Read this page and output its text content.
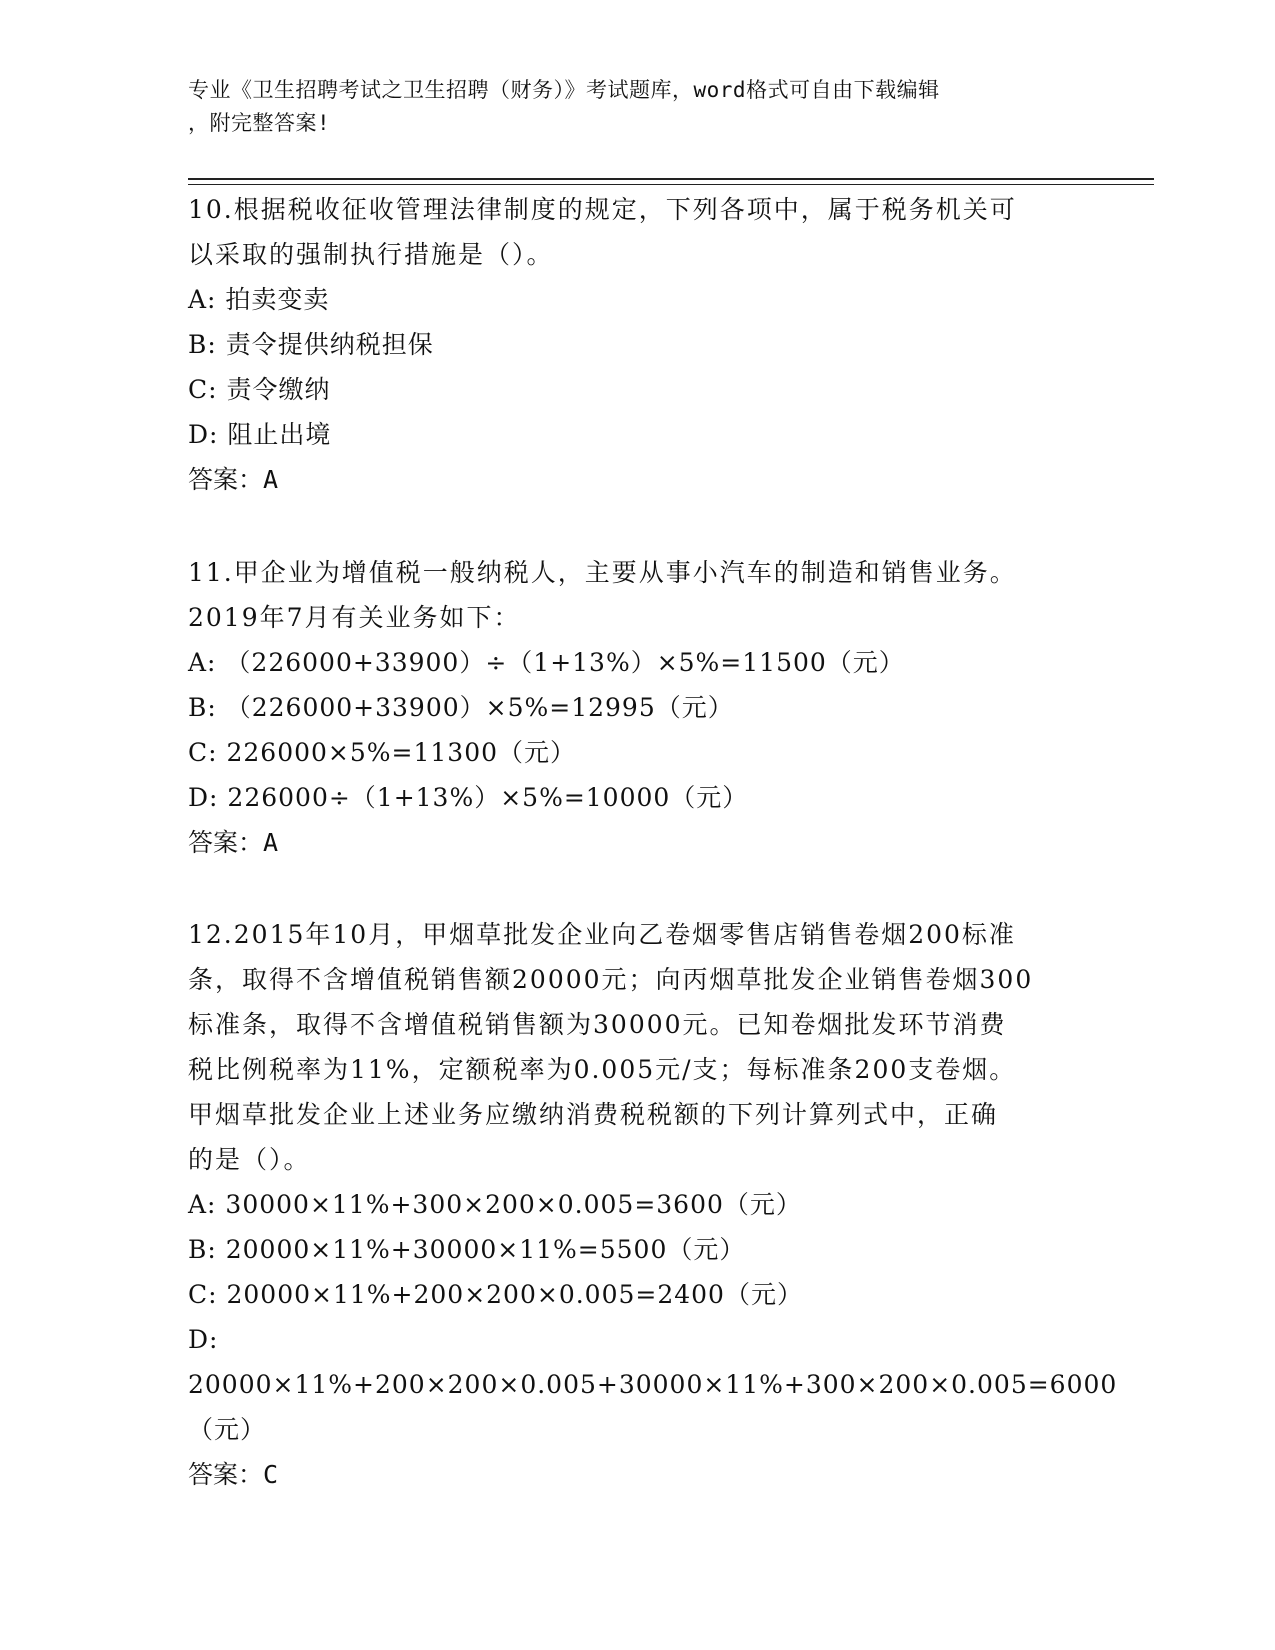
专业《卫生招聘考试之卫生招聘（财务）》考试题库，word格式可自由下载编辑
，附完整答案!

10.根据税收征收管理法律制度的规定，下列各项中，属于税务机关可

以采取的强制执行措施是（）。

A: 拍卖变卖

B: 责令提供纳税担保

C: 责令缴纳

D: 阻止出境

答案：A

11.甲企业为增值税一般纳税人，主要从事小汽车的制造和销售业务。

2019年7月有关业务如下：

A: （226000+33900）÷（1+13%）×5%=11500（元）

B: （226000+33900）×5%=12995（元）

C: 226000×5%=11300（元）

D: 226000÷（1+13%）×5%=10000（元）

答案：A

12.2015年10月，甲烟草批发企业向乙卷烟零售店销售卷烟200标准

条，取得不含增值税销售额20000元；向丙烟草批发企业销售卷烟300

标准条，取得不含增值税销售额为30000元。已知卷烟批发环节消费

税比例税率为11%，定额税率为0.005元/支；每标准条200支卷烟。

甲烟草批发企业上述业务应缴纳消费税税额的下列计算列式中，正确

的是（）。

A: 30000×11%+300×200×0.005=3600（元）

B: 20000×11%+30000×11%=5500（元）

C: 20000×11%+200×200×0.005=2400（元）

D: 20000×11%+200×200×0.005+30000×11%+300×200×0.005=6000

（元）

答案：C
